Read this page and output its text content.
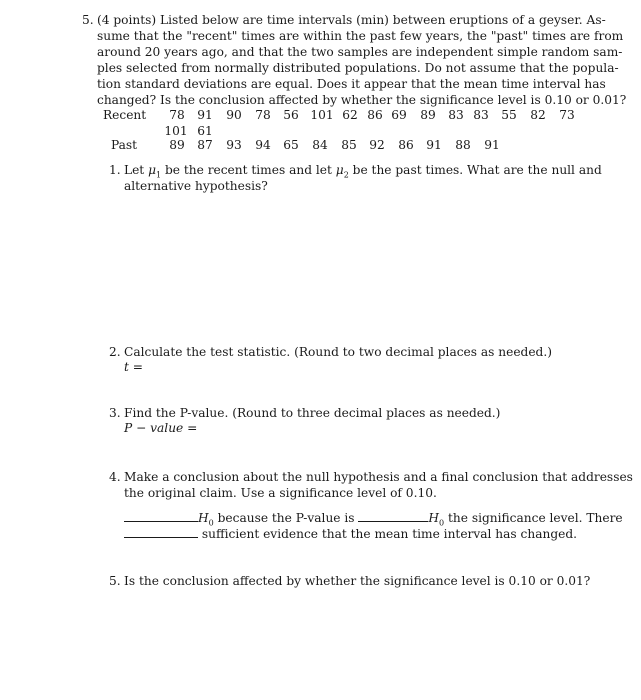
5. (4 points) Listed below are time intervals (min) between eruptions of a geyser. As-
sume that the "recent" times are within the past few years, the "past" times are from
around 20 years ago, and that the two samples are independent simple random sam-
ples selected from normally distributed populations. Do not assume that the popula-
tion standard deviations are equal. Does it appear that the mean time interval has
changed? Is the conclusion affected by whether the significance level is 0.10 or 0.01?
Recent	78	91	90	78	56 101 62 86 69	89	83 83	55	82	73
101 61
Past	89	87	93	94	65	84	85	92	86	91	88	91
1. Let $\mu_1$ be the recent times and let $\mu_2$ be the past times. What are the null and
alternative hypothesis?
2. Calculate the test statistic. (Round to two decimal places as needed.)
t =
3. Find the P-value. (Round to three decimal places as needed.)
P − value =
4. Make a conclusion about the null hypothesis and a final conclusion that addresses
the original claim. Use a significance level of 0.10.
$H_0$ because the P-value is	$H_0$ the significance level. There
sufficient evidence that the mean time interval has changed.
5. Is the conclusion affected by whether the significance level is 0.10 or 0.01?
